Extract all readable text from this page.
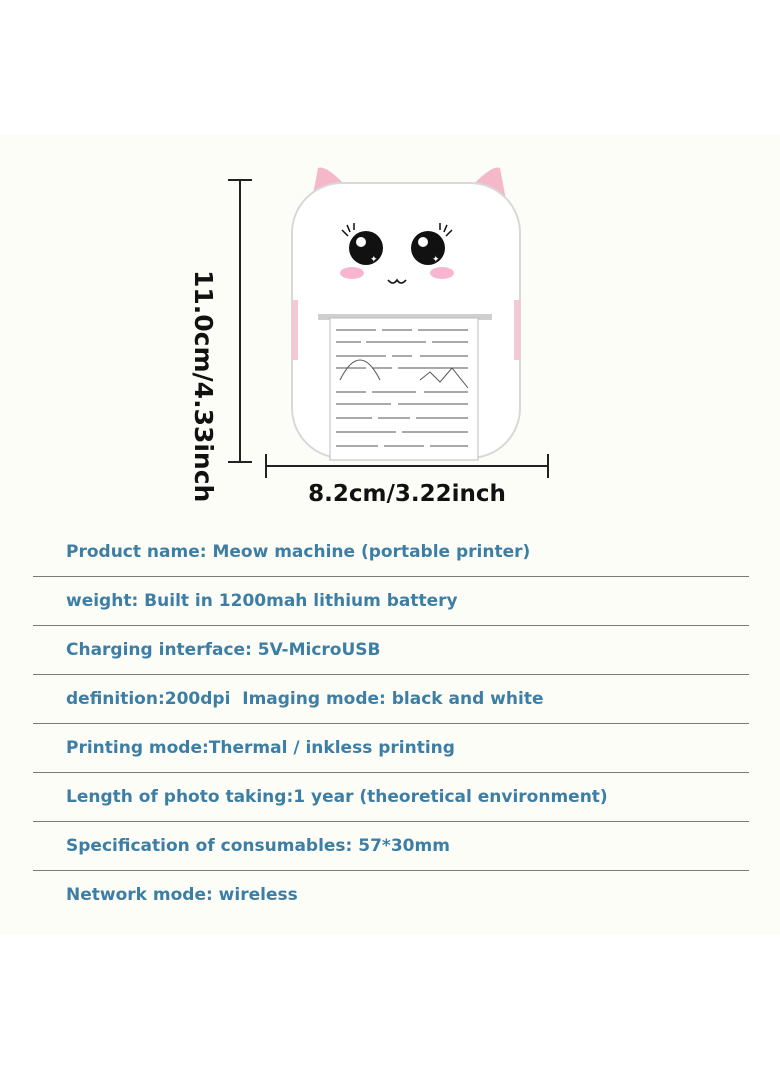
✦	✦
11.0cm/4.33inch	8.2cm/3.22inch
Product name: Meow machine (portable printer)
weight: Built in 1200mah lithium battery
Charging interface: 5V-MicroUSB
definition:200dpi  Imaging mode: black and white
Printing mode:Thermal / inkless printing
Length of photo taking:1 year (theoretical environment)
Specification of consumables: 57*30mm
Network mode: wireless
